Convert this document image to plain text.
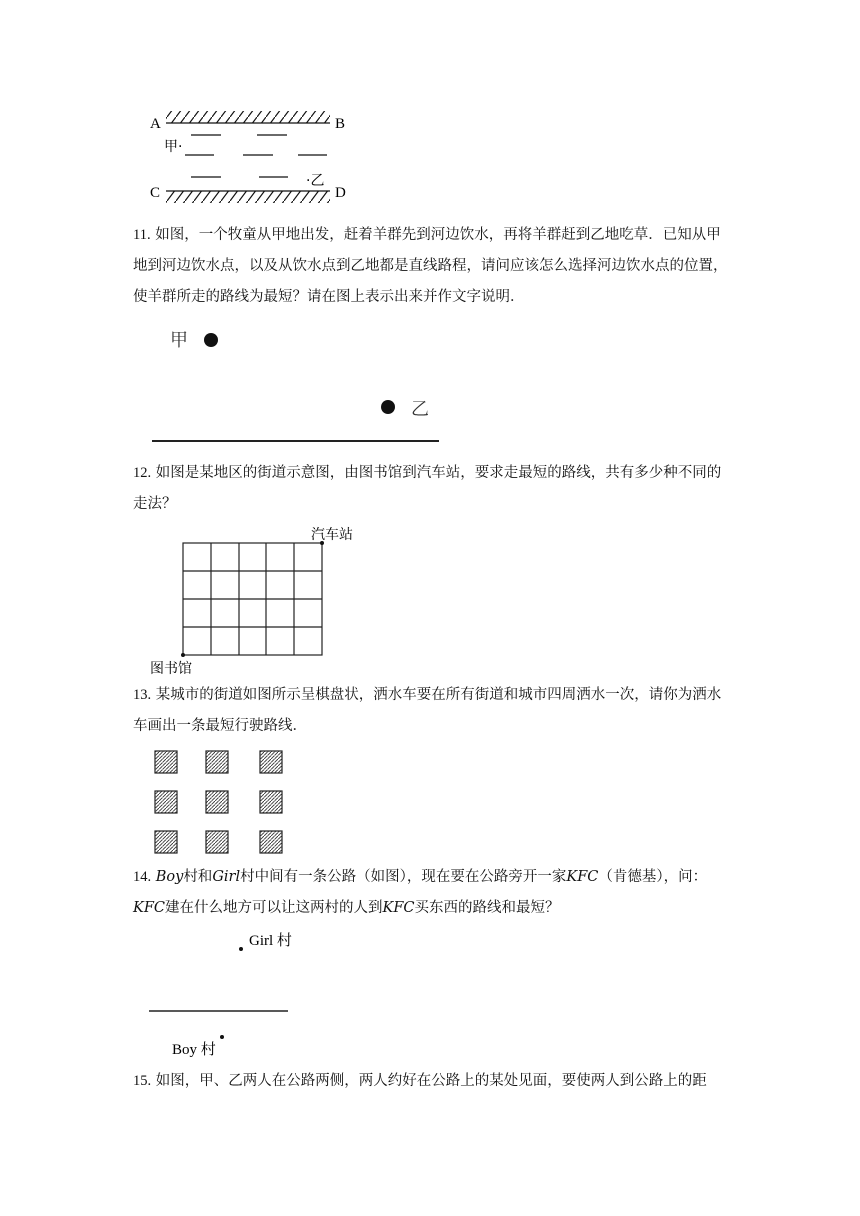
A	B
甲·
·乙
C	D
11. 如图，一个牧童从甲地出发，赶着羊群先到河边饮水，再将羊群赶到乙地吃草．已知从甲地到河边饮水点，以及从饮水点到乙地都是直线路程，请问应该怎么选择河边饮水点的位置，使羊群所走的路线为最短？请在图上表示出来并作文字说明．
甲
乙
12. 如图是某地区的街道示意图，由图书馆到汽车站，要求走最短的路线，共有多少种不同的走法？
汽车站
图书馆
13. 某城市的街道如图所示呈棋盘状，洒水车要在所有街道和城市四周洒水一次，请你为洒水车画出一条最短行驶路线．
14. Boy村和Girl村中间有一条公路（如图），现在要在公路旁开一家KFC（肯德基），问：KFC建在什么地方可以让这两村的人到KFC买东西的路线和最短？
Girl 村
Boy 村
15. 如图，甲、乙两人在公路两侧，两人约好在公路上的某处见面，要使两人到公路上的距
